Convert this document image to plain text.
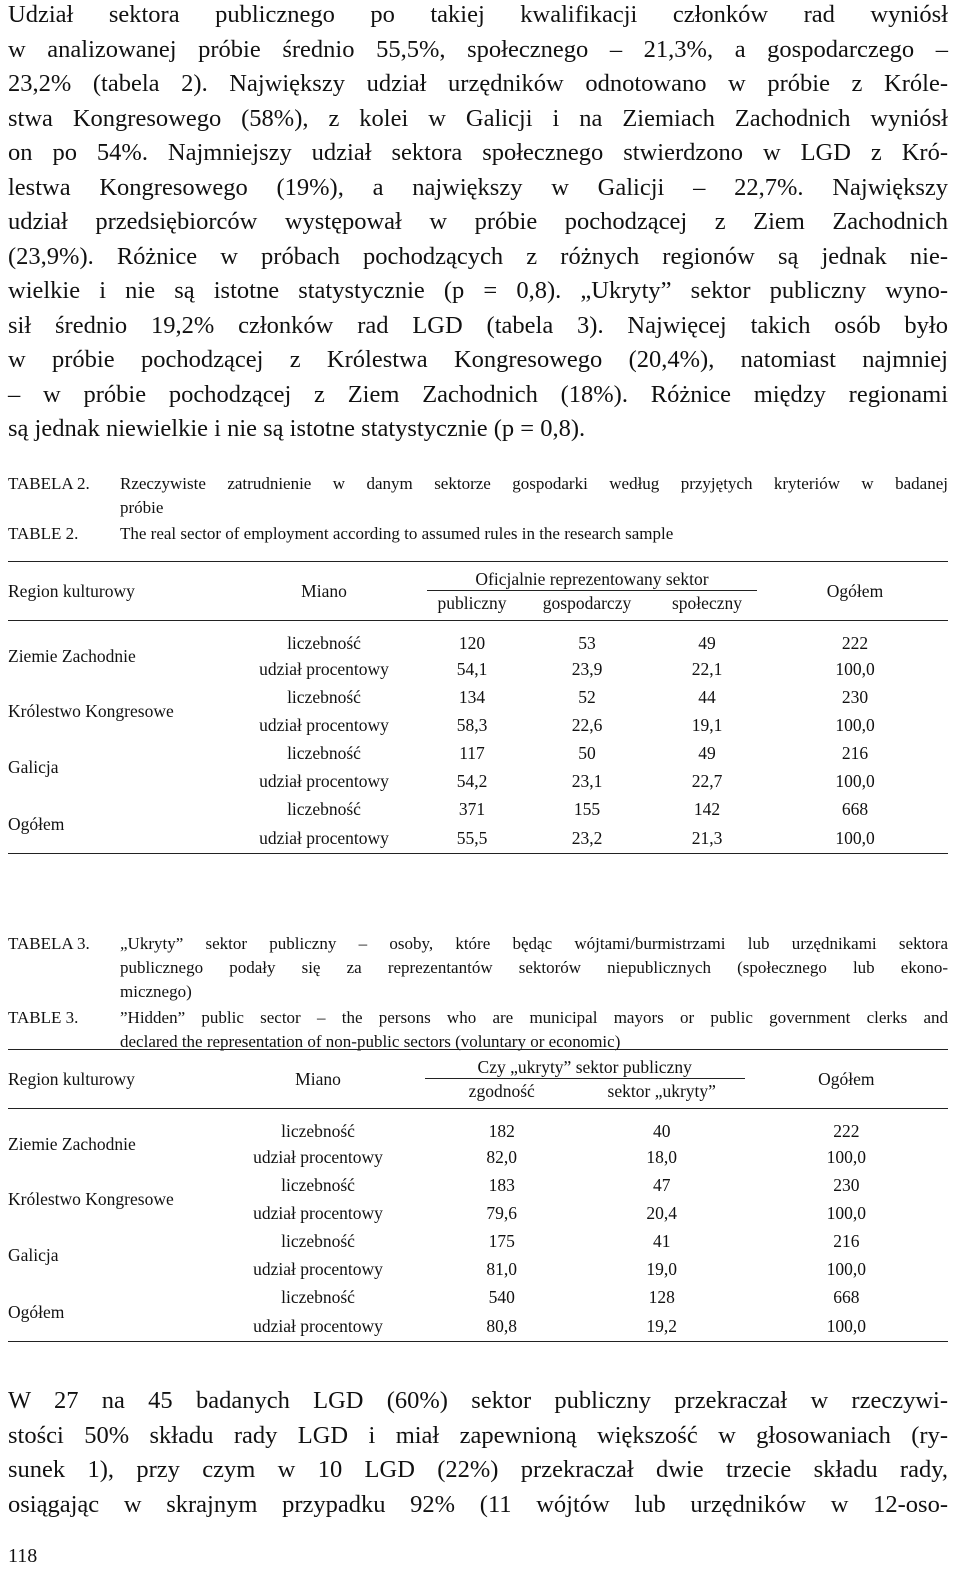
Udział sektora publicznego po takiej kwalifikacji członków rad wyniósł
w analizowanej próbie średnio 55,5%, społecznego – 21,3%, a gospodarczego –
23,2% (tabela 2). Największy udział urzędników odnotowano w próbie z Króle-
stwa Kongresowego (58%), z kolei w Galicji i na Ziemiach Zachodnich wyniósł
on po 54%. Najmniejszy udział sektora społecznego stwierdzono w LGD z Kró-
lestwa Kongresowego (19%), a największy w Galicji – 22,7%. Największy
udział przedsiębiorców występował w próbie pochodzącej z Ziem Zachodnich
(23,9%). Różnice w próbach pochodzących z różnych regionów są jednak nie-
wielkie i nie są istotne statystycznie (p = 0,8). „Ukryty” sektor publiczny wyno-
sił średnio 19,2% członków rad LGD (tabela 3). Najwięcej takich osób było
w próbie pochodzącej z Królestwa Kongresowego (20,4%), natomiast najmniej
– w próbie pochodzącej z Ziem Zachodnich (18%). Różnice między regionami
są jednak niewielkie i nie są istotne statystycznie (p = 0,8).
TABELA 2. Rzeczywiste zatrudnienie w danym sektorze gospodarki według przyjętych kryteriów w badanej
próbie
TABLE 2. The real sector of employment according to assumed rules in the research sample
Region kulturowy	Miano	Oficjalnie reprezentowany sektor			Ogółem
		publiczny	gospodarczy	społeczny	
Ziemie Zachodnie	liczebność	120	53	49	222
	udział procentowy	54,1	23,9	22,1	100,0
Królestwo Kongresowe	liczebność	134	52	44	230
	udział procentowy	58,3	22,6	19,1	100,0
Galicja	liczebność	117	50	49	216
	udział procentowy	54,2	23,1	22,7	100,0
Ogółem	liczebność	371	155	142	668
	udział procentowy	55,5	23,2	21,3	100,0
TABELA 3. „Ukryty” sektor publiczny – osoby, które będąc wójtami/burmistrzami lub urzędnikami sektora
publicznego podały się za reprezentantów sektorów niepublicznych (społecznego lub ekono-
micznego)
TABLE 3. ”Hidden” public sector – the persons who are municipal mayors or public government clerks and
declared the representation of non-public sectors (voluntary or economic)
Region kulturowy	Miano	Czy „ukryty” sektor publiczny		Ogółem
		zgodność	sektor „ukryty”	
Ziemie Zachodnie	liczebność	182	40	222
	udział procentowy	82,0	18,0	100,0
Królestwo Kongresowe	liczebność	183	47	230
	udział procentowy	79,6	20,4	100,0
Galicja	liczebność	175	41	216
	udział procentowy	81,0	19,0	100,0
Ogółem	liczebność	540	128	668
	udział procentowy	80,8	19,2	100,0
W 27 na 45 badanych LGD (60%) sektor publiczny przekraczał w rzeczywi-
stości 50% składu rady LGD i miał zapewnioną większość w głosowaniach (ry-
sunek 1), przy czym w 10 LGD (22%) przekraczał dwie trzecie składu rady,
osiągając w skrajnym przypadku 92% (11 wójtów lub urzędników w 12-oso-
118
